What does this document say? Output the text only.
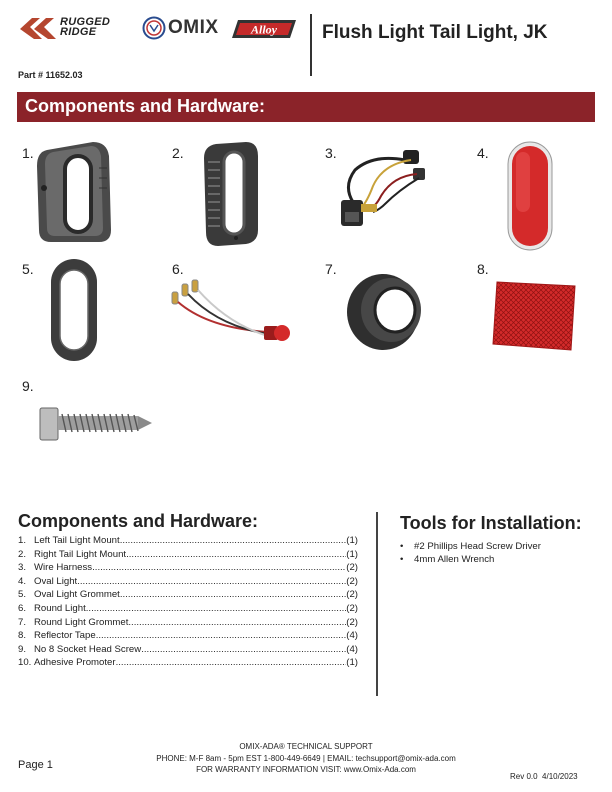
RUGGED
RIDGE	OMIX	Alloy Flush Light Tail Light, JK
Part # 11652.03
Components and Hardware:
1.	2.	3.	4.
5.	6.	7.	8.
9.
Components and Hardware:
1. Left Tail Light Mount .....	(1)
2. Right Tail Light Mount .....	(1)
3. Wire Harness .....	(2)
4. Oval Light .....	(2)
5. Oval Light Grommet .....	(2)
6. Round Light .....	(2)
7. Round Light Grommet .....	(2)
8. Reflector Tape .....	(4)
9. No 8 Socket Head Screw .....	(4)
10. Adhesive Promoter .....	(1)
Tools for Installation:
•	#2 Phillips Head Screw Driver
•	4mm Allen Wrench
Page 1
OMIX-ADA® TECHNICAL SUPPORT
PHONE: M-F 8am - 5pm EST 1-800-449-6649 | EMAIL: techsupport@omix-ada.com
FOR WARRANTY INFORMATION VISIT: www.Omix-Ada.com
Rev 0.0  4/10/2023
